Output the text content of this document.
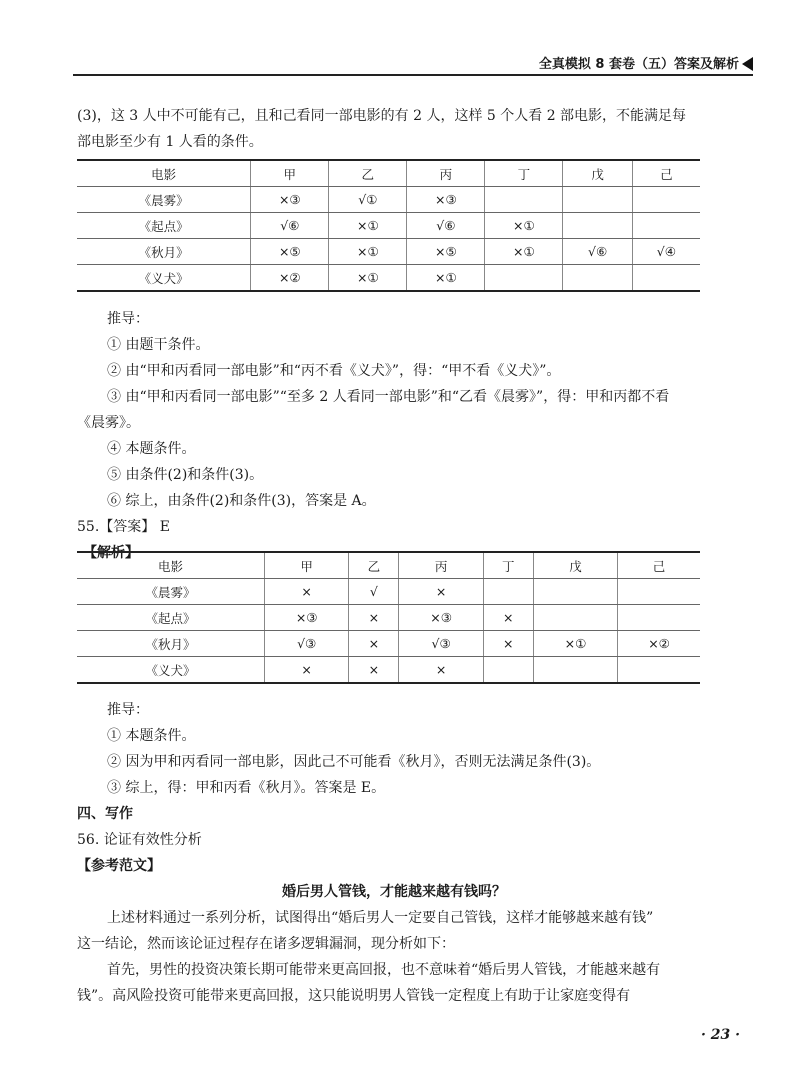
全真模拟 8 套卷（五）答案及解析
(3)，这 3 人中不可能有己，且和己看同一部电影的有 2 人，这样 5 个人看 2 部电影，不能满足每
部电影至少有 1 人看的条件。
电影	甲	乙	丙	丁	戊	己
《晨雾》	×③	√①	×③			
《起点》	√⑥	×①	√⑥	×①		
《秋月》	×⑤	×①	×⑤	×①	√⑥	√④
《义犬》	×②	×①	×①			
推导：
① 由题干条件。
② 由“甲和丙看同一部电影”和“丙不看《义犬》”，得：“甲不看《义犬》”。
③ 由“甲和丙看同一部电影”“至多 2 人看同一部电影”和“乙看《晨雾》”，得：甲和丙都不看
《晨雾》。
④ 本题条件。
⑤ 由条件(2)和条件(3)。
⑥ 综上，由条件(2)和条件(3)，答案是 A。
55.【答案】 E
【解析】
电影	甲	乙	丙	丁	戊	己
《晨雾》	×	√	×			
《起点》	×③	×	×③	×		
《秋月》	√③	×	√③	×	×①	×②
《义犬》	×	×	×			
推导：
① 本题条件。
② 因为甲和丙看同一部电影，因此己不可能看《秋月》，否则无法满足条件(3)。
③ 综上，得：甲和丙看《秋月》。答案是 E。
四、写作
56. 论证有效性分析
【参考范文】
婚后男人管钱，才能越来越有钱吗？
上述材料通过一系列分析，试图得出“婚后男人一定要自己管钱，这样才能够越来越有钱”
这一结论，然而该论证过程存在诸多逻辑漏洞，现分析如下：
首先，男性的投资决策长期可能带来更高回报，也不意味着“婚后男人管钱，才能越来越有
钱”。高风险投资可能带来更高回报，这只能说明男人管钱一定程度上有助于让家庭变得有
· 23 ·
